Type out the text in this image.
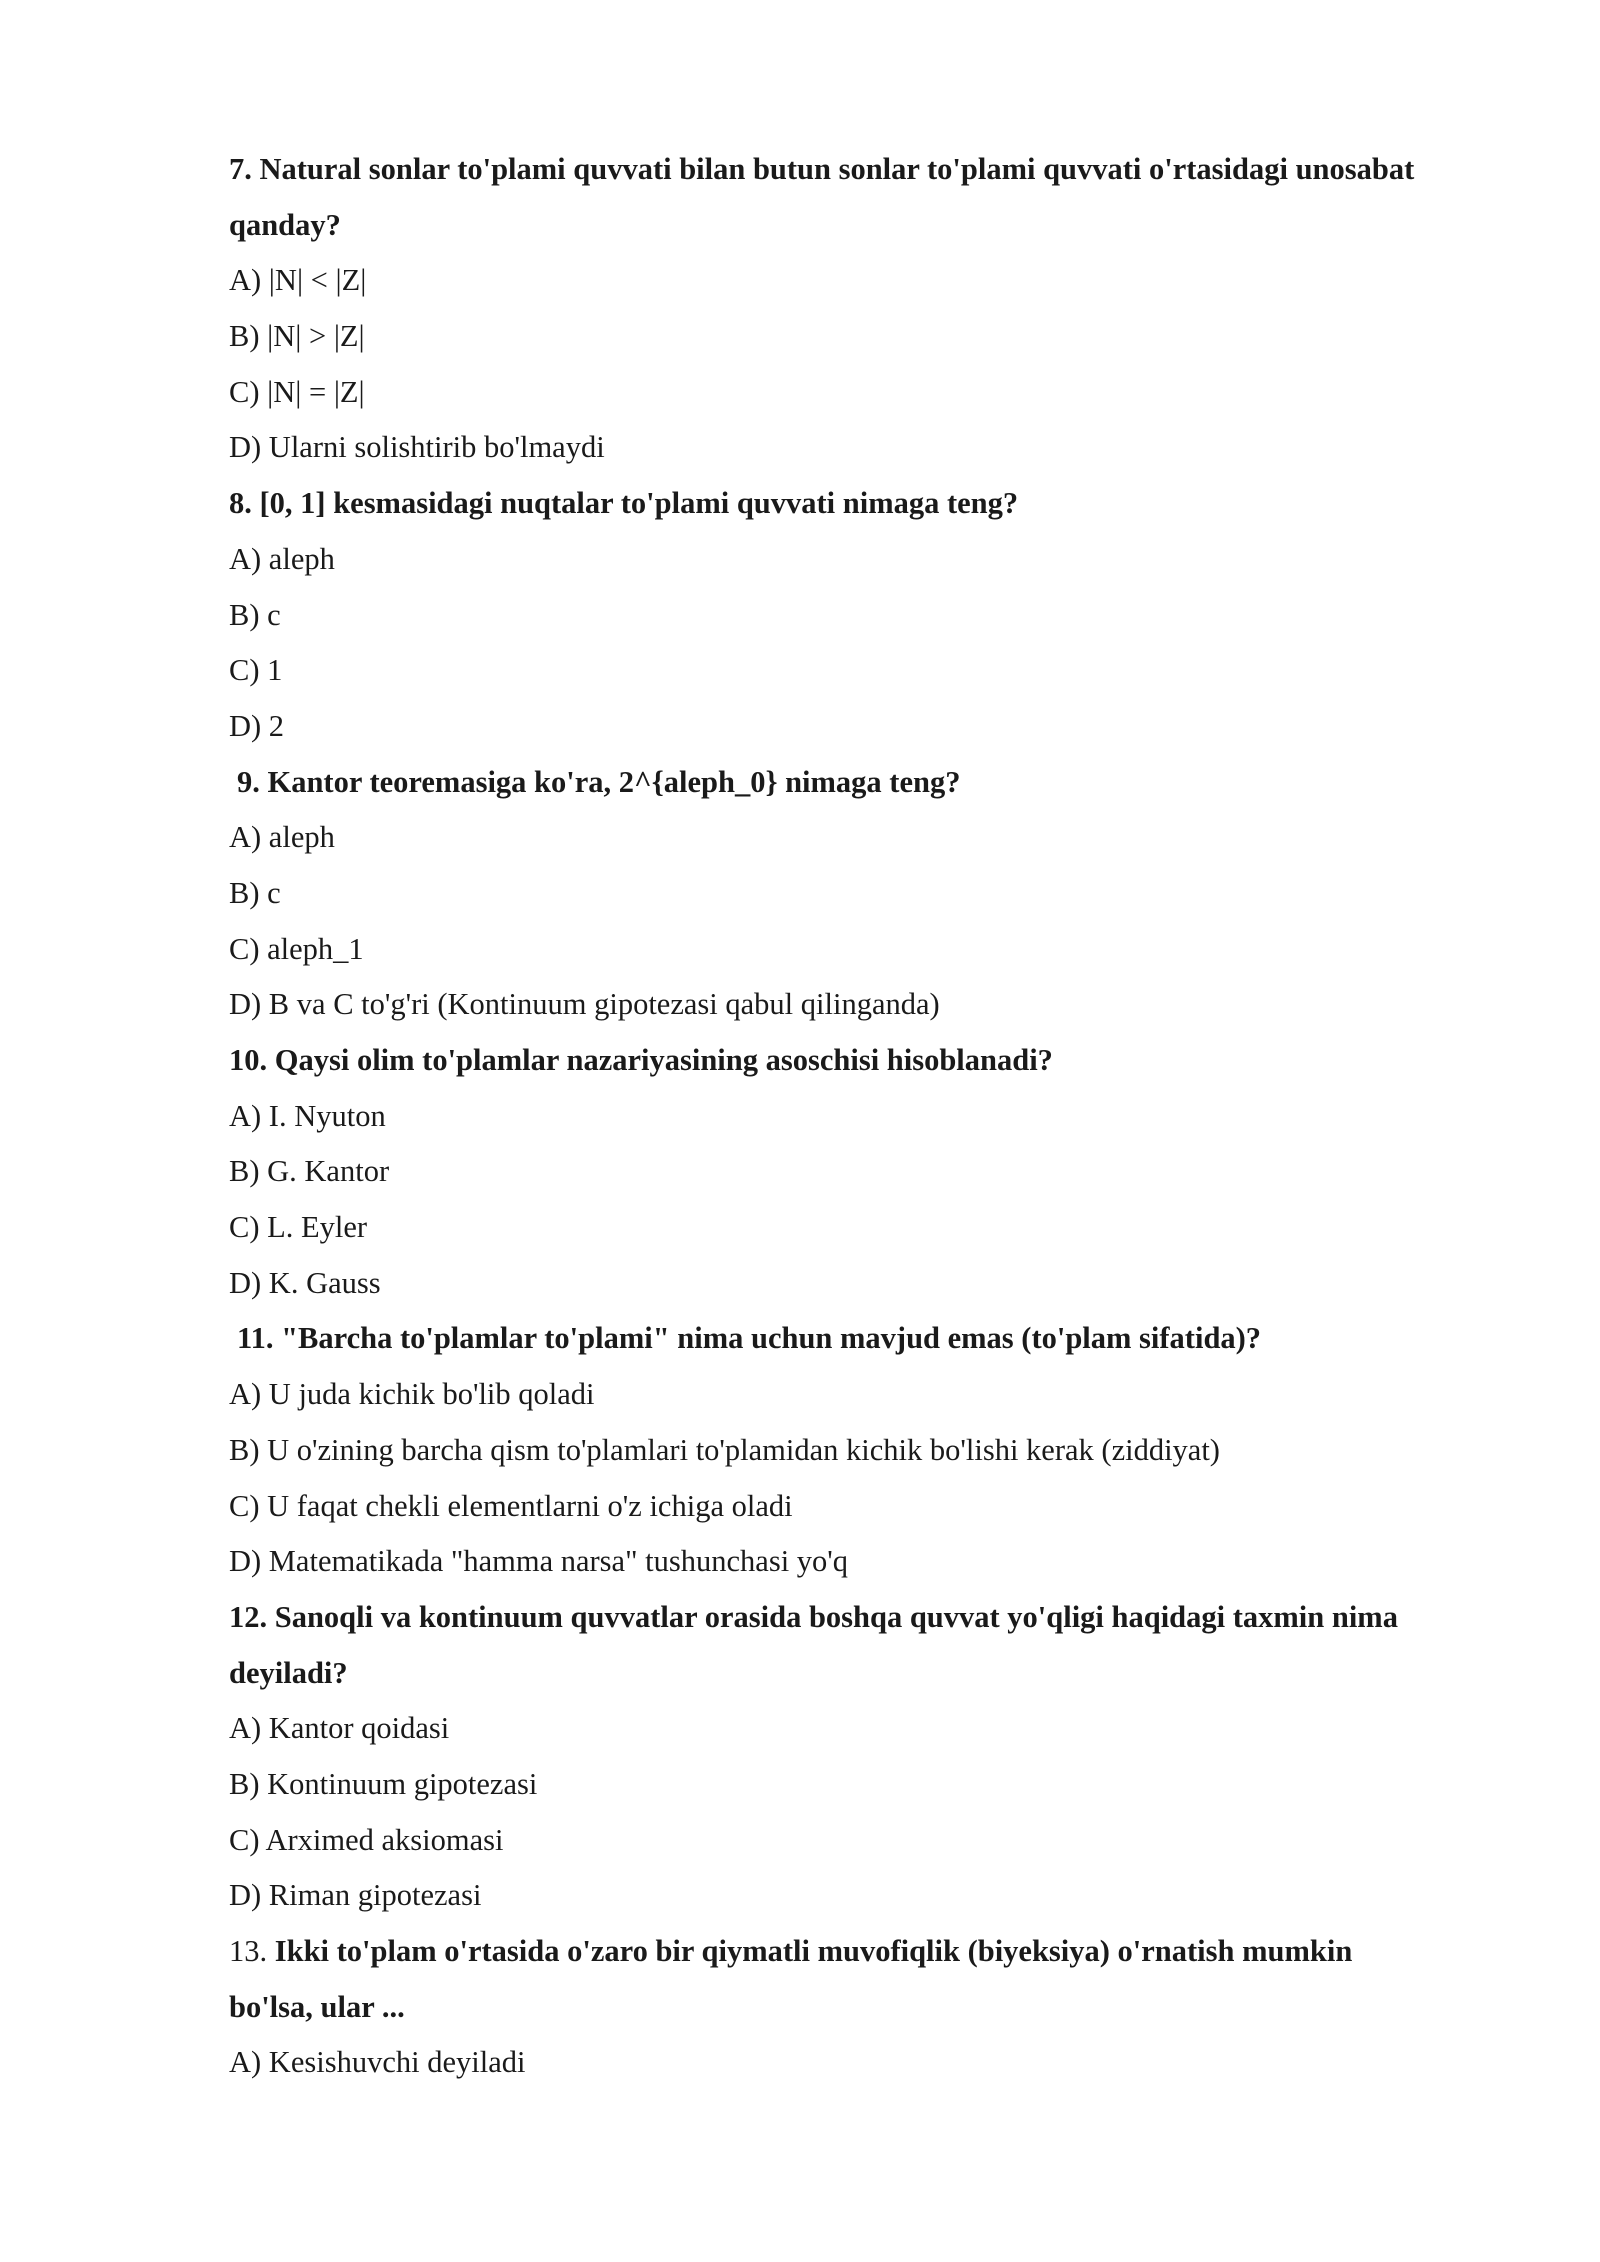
7. Natural sonlar to'plami quvvati bilan butun sonlar to'plami quvvati o'rtasidagi unosabat
qanday?
A) |N| < |Z|
B) |N| > |Z|
C) |N| = |Z|
D) Ularni solishtirib bo'lmaydi
8. [0, 1] kesmasidagi nuqtalar to'plami quvvati nimaga teng?
A) aleph
B) c
C) 1
D) 2
9. Kantor teoremasiga ko'ra, 2^{aleph_0} nimaga teng?
A) aleph
B) c
C) aleph_1
D) B va C to'g'ri (Kontinuum gipotezasi qabul qilinganda)
10. Qaysi olim to'plamlar nazariyasining asoschisi hisoblanadi?
A) I. Nyuton
B) G. Kantor
C) L. Eyler
D) K. Gauss
11. "Barcha to'plamlar to'plami" nima uchun mavjud emas (to'plam sifatida)?
A) U juda kichik bo'lib qoladi
B) U o'zining barcha qism to'plamlari to'plamidan kichik bo'lishi kerak (ziddiyat)
C) U faqat chekli elementlarni o'z ichiga oladi
D) Matematikada "hamma narsa" tushunchasi yo'q
12. Sanoqli va kontinuum quvvatlar orasida boshqa quvvat yo'qligi haqidagi taxmin nima
deyiladi?
A) Kantor qoidasi
B) Kontinuum gipotezasi
C) Arximed aksiomasi
D) Riman gipotezasi
13. Ikki to'plam o'rtasida o'zaro bir qiymatli muvofiqlik (biyeksiya) o'rnatish mumkin
bo'lsa, ular ...
A) Kesishuvchi deyiladi
